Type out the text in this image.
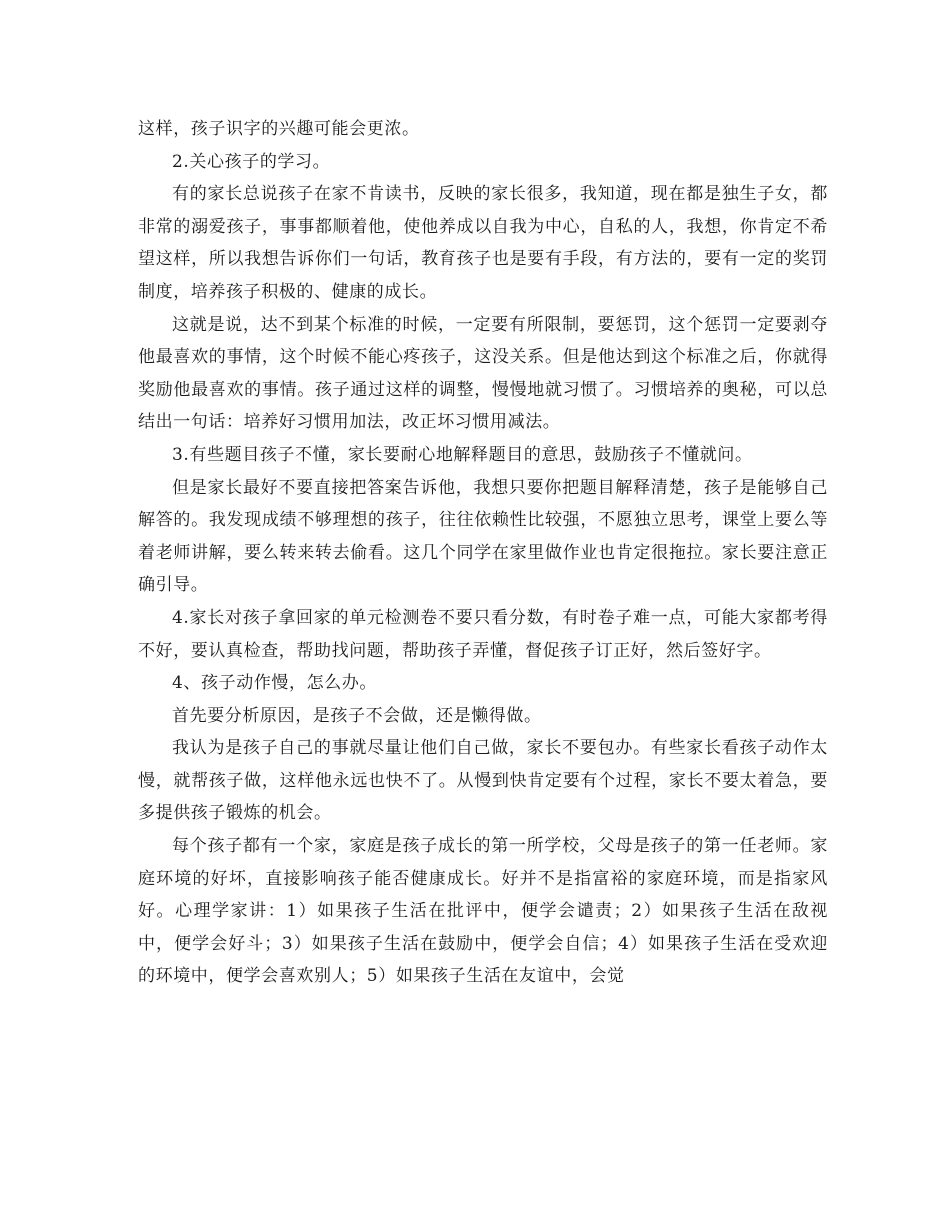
这样，孩子识字的兴趣可能会更浓。

2.关心孩子的学习。

有的家长总说孩子在家不肯读书，反映的家长很多，我知道，现在都是独生子女，都非常的溺爱孩子，事事都顺着他，使他养成以自我为中心，自私的人，我想，你肯定不希望这样，所以我想告诉你们一句话，教育孩子也是要有手段，有方法的，要有一定的奖罚制度，培养孩子积极的、健康的成长。

这就是说，达不到某个标准的时候，一定要有所限制，要惩罚，这个惩罚一定要剥夺他最喜欢的事情，这个时候不能心疼孩子，这没关系。但是他达到这个标准之后，你就得奖励他最喜欢的事情。孩子通过这样的调整，慢慢地就习惯了。习惯培养的奥秘，可以总结出一句话：培养好习惯用加法，改正坏习惯用减法。

3.有些题目孩子不懂，家长要耐心地解释题目的意思，鼓励孩子不懂就问。

但是家长最好不要直接把答案告诉他，我想只要你把题目解释清楚，孩子是能够自己解答的。我发现成绩不够理想的孩子，往往依赖性比较强，不愿独立思考，课堂上要么等着老师讲解，要么转来转去偷看。这几个同学在家里做作业也肯定很拖拉。家长要注意正确引导。

4.家长对孩子拿回家的单元检测卷不要只看分数，有时卷子难一点，可能大家都考得不好，要认真检查，帮助找问题，帮助孩子弄懂，督促孩子订正好，然后签好字。

4、孩子动作慢，怎么办。

首先要分析原因，是孩子不会做，还是懒得做。

我认为是孩子自己的事就尽量让他们自己做，家长不要包办。有些家长看孩子动作太慢，就帮孩子做，这样他永远也快不了。从慢到快肯定要有个过程，家长不要太着急，要多提供孩子锻炼的机会。

每个孩子都有一个家，家庭是孩子成长的第一所学校，父母是孩子的第一任老师。家庭环境的好坏，直接影响孩子能否健康成长。好并不是指富裕的家庭环境，而是指家风好。心理学家讲：1）如果孩子生活在批评中，便学会谴责；2）如果孩子生活在敌视中，便学会好斗；3）如果孩子生活在鼓励中，便学会自信；4）如果孩子生活在受欢迎的环境中，便学会喜欢别人；5）如果孩子生活在友谊中，会觉
